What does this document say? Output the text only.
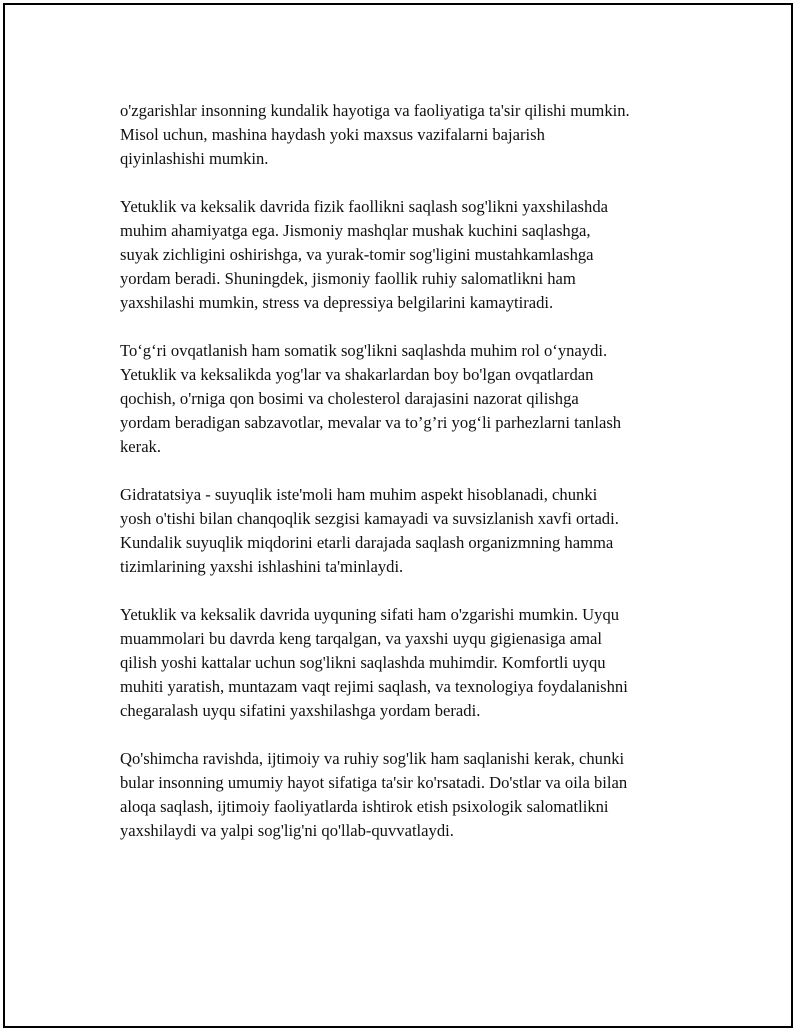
o'zgarishlar insonning kundalik hayotiga va faoliyatiga ta'sir qilishi mumkin.
Misol uchun, mashina haydash yoki maxsus vazifalarni bajarish
qiyinlashishi mumkin.

Yetuklik va keksalik davrida fizik faollikni saqlash sog'likni yaxshilashda
muhim ahamiyatga ega. Jismoniy mashqlar mushak kuchini saqlashga,
suyak zichligini oshirishga, va yurak-tomir sog'ligini mustahkamlashga
yordam beradi. Shuningdek, jismoniy faollik ruhiy salomatlikni ham
yaxshilashi mumkin, stress va depressiya belgilarini kamaytiradi.

To‘g‘ri ovqatlanish ham somatik sog'likni saqlashda muhim rol o‘ynaydi.
Yetuklik va keksalikda yog'lar va shakarlardan boy bo'lgan ovqatlardan
qochish, o'rniga qon bosimi va cholesterol darajasini nazorat qilishga
yordam beradigan sabzavotlar, mevalar va to’g’ri yog‘li parhezlarni tanlash
kerak.

Gidratatsiya - suyuqlik iste'moli ham muhim aspekt hisoblanadi, chunki
yosh o'tishi bilan chanqoqlik sezgisi kamayadi va suvsizlanish xavfi ortadi.
Kundalik suyuqlik miqdorini etarli darajada saqlash organizmning hamma
tizimlarining yaxshi ishlashini ta'minlaydi.

Yetuklik va keksalik davrida uyquning sifati ham o'zgarishi mumkin. Uyqu
muammolari bu davrda keng tarqalgan, va yaxshi uyqu gigienasiga amal
qilish yoshi kattalar uchun sog'likni saqlashda muhimdir. Komfortli uyqu
muhiti yaratish, muntazam vaqt rejimi saqlash, va texnologiya foydalanishni
chegaralash uyqu sifatini yaxshilashga yordam beradi.

Qo'shimcha ravishda, ijtimoiy va ruhiy sog'lik ham saqlanishi kerak, chunki
bular insonning umumiy hayot sifatiga ta'sir ko'rsatadi. Do'stlar va oila bilan
aloqa saqlash, ijtimoiy faoliyatlarda ishtirok etish psixologik salomatlikni
yaxshilaydi va yalpi sog'lig'ni qo'llab-quvvatlaydi.
